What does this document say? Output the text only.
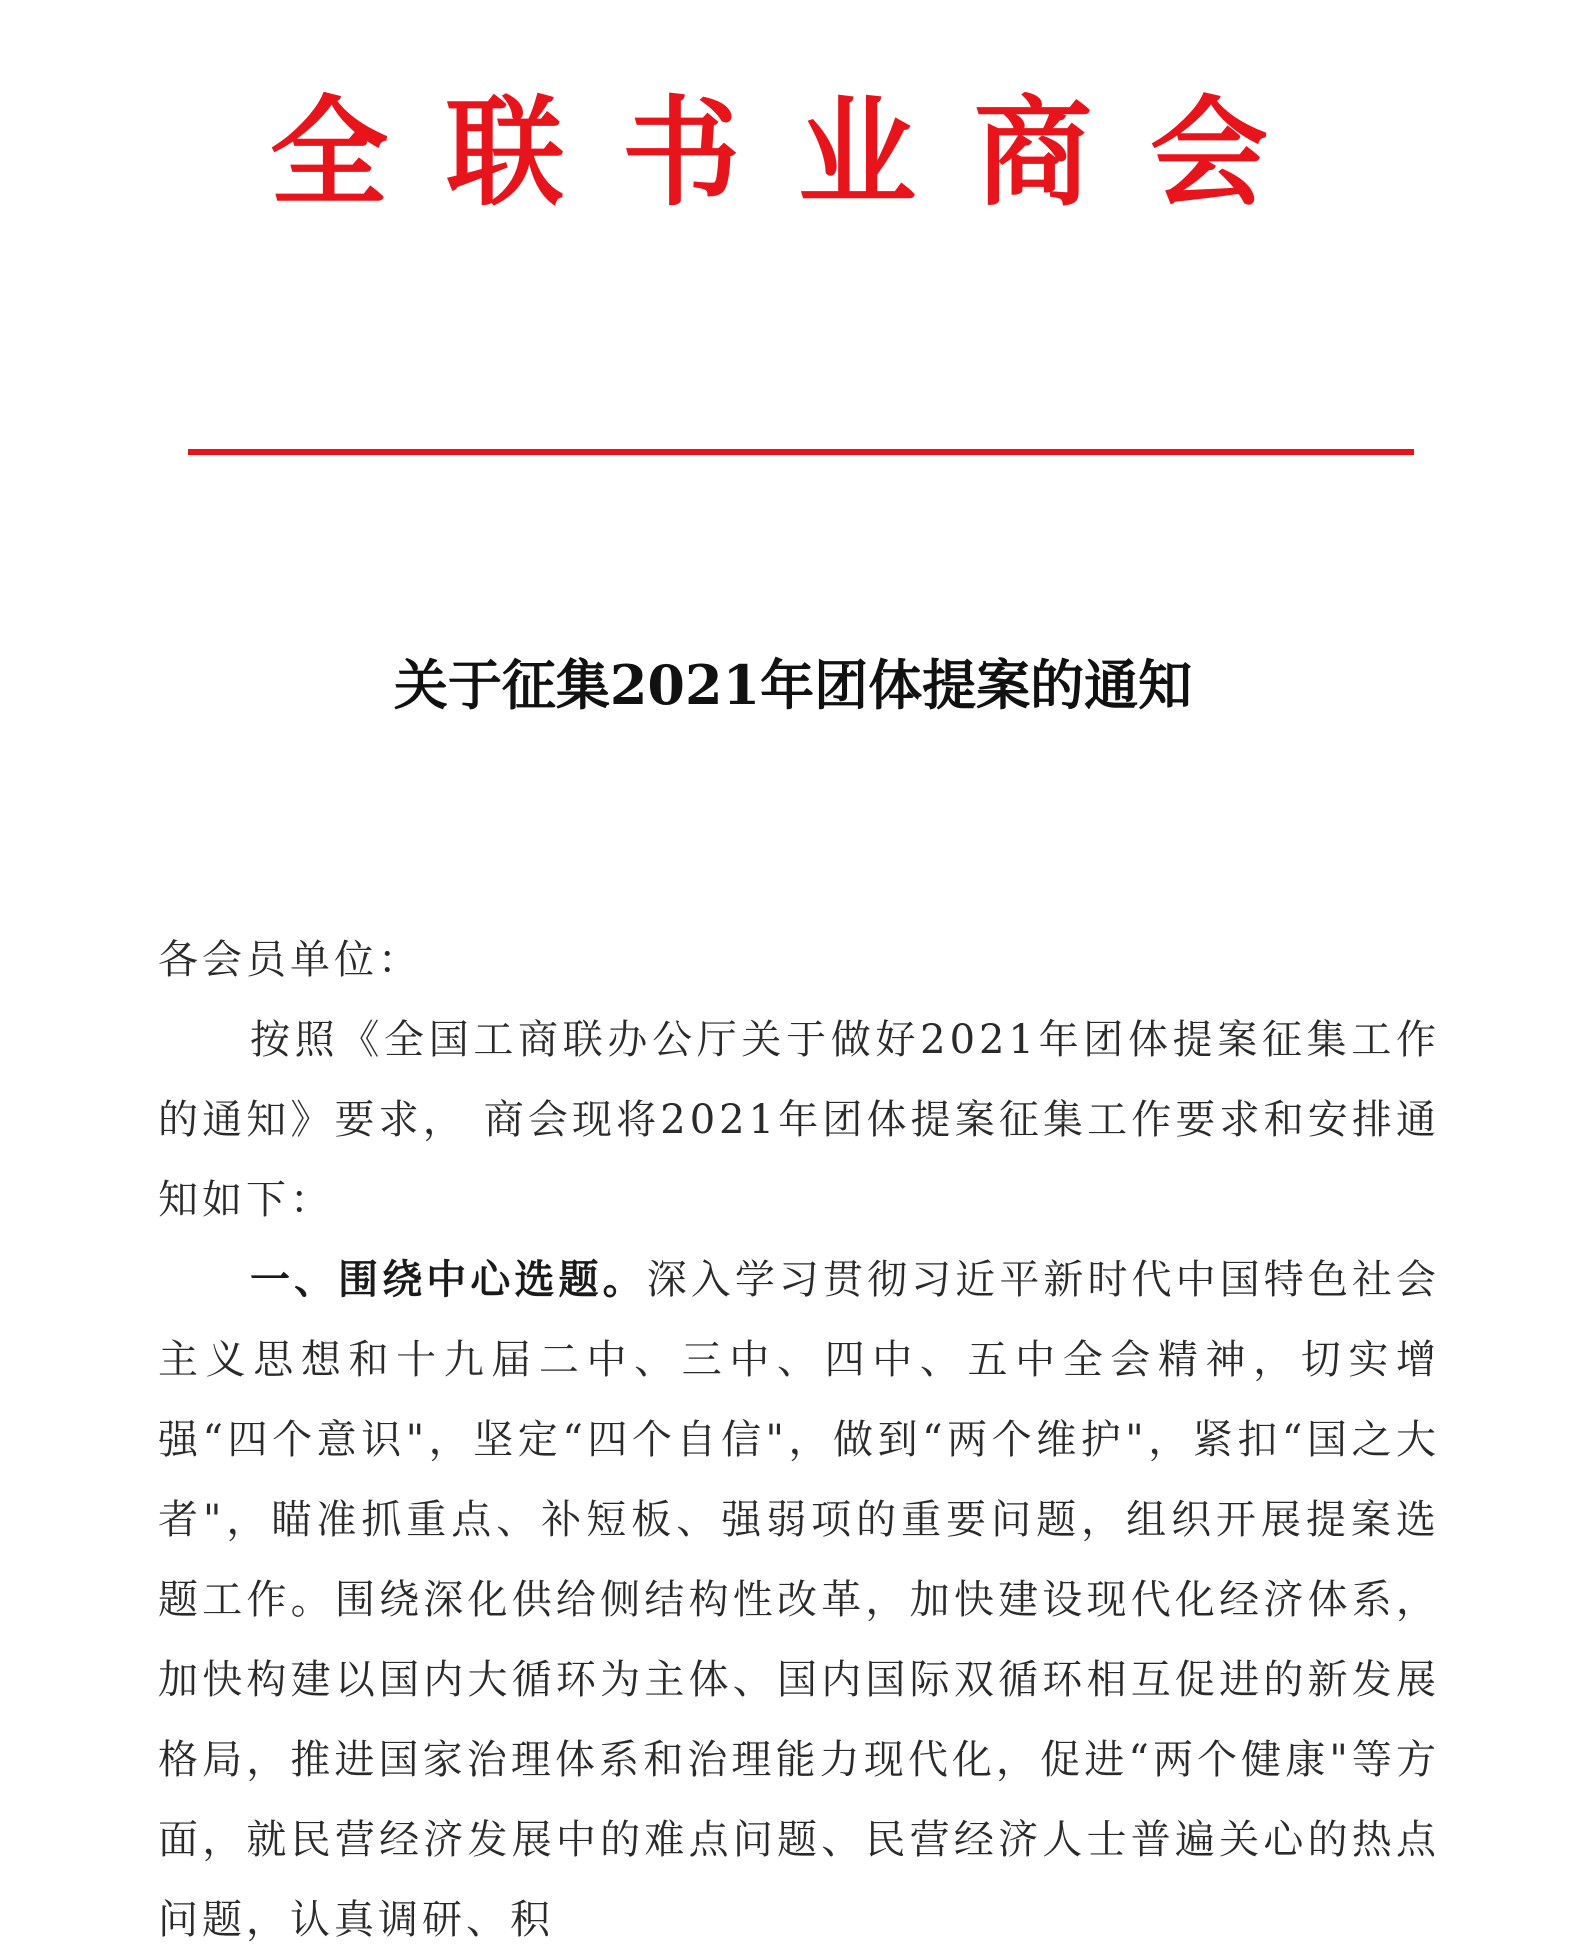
全联书业商会
关于征集2021年团体提案的通知

各会员单位：

按照《全国工商联办公厅关于做好2021年团体提案征集工作的通知》要求， 商会现将2021年团体提案征集工作要求和安排通知如下：

一、围绕中心选题。深入学习贯彻习近平新时代中国特色社会主义思想和十九届二中、三中、四中、五中全会精神，切实增强“四个意识"，坚定“四个自信"，做到“两个维护"，紧扣“国之大者"，瞄准抓重点、补短板、强弱项的重要问题，组织开展提案选题工作。围绕深化供给侧结构性改革，加快建设现代化经济体系，加快构建以国内大循环为主体、国内国际双循环相互促进的新发展格局，推进国家治理体系和治理能力现代化，促进“两个健康"等方面，就民营经济发展中的难点问题、民营经济人士普遍关心的热点问题，认真调研、积
